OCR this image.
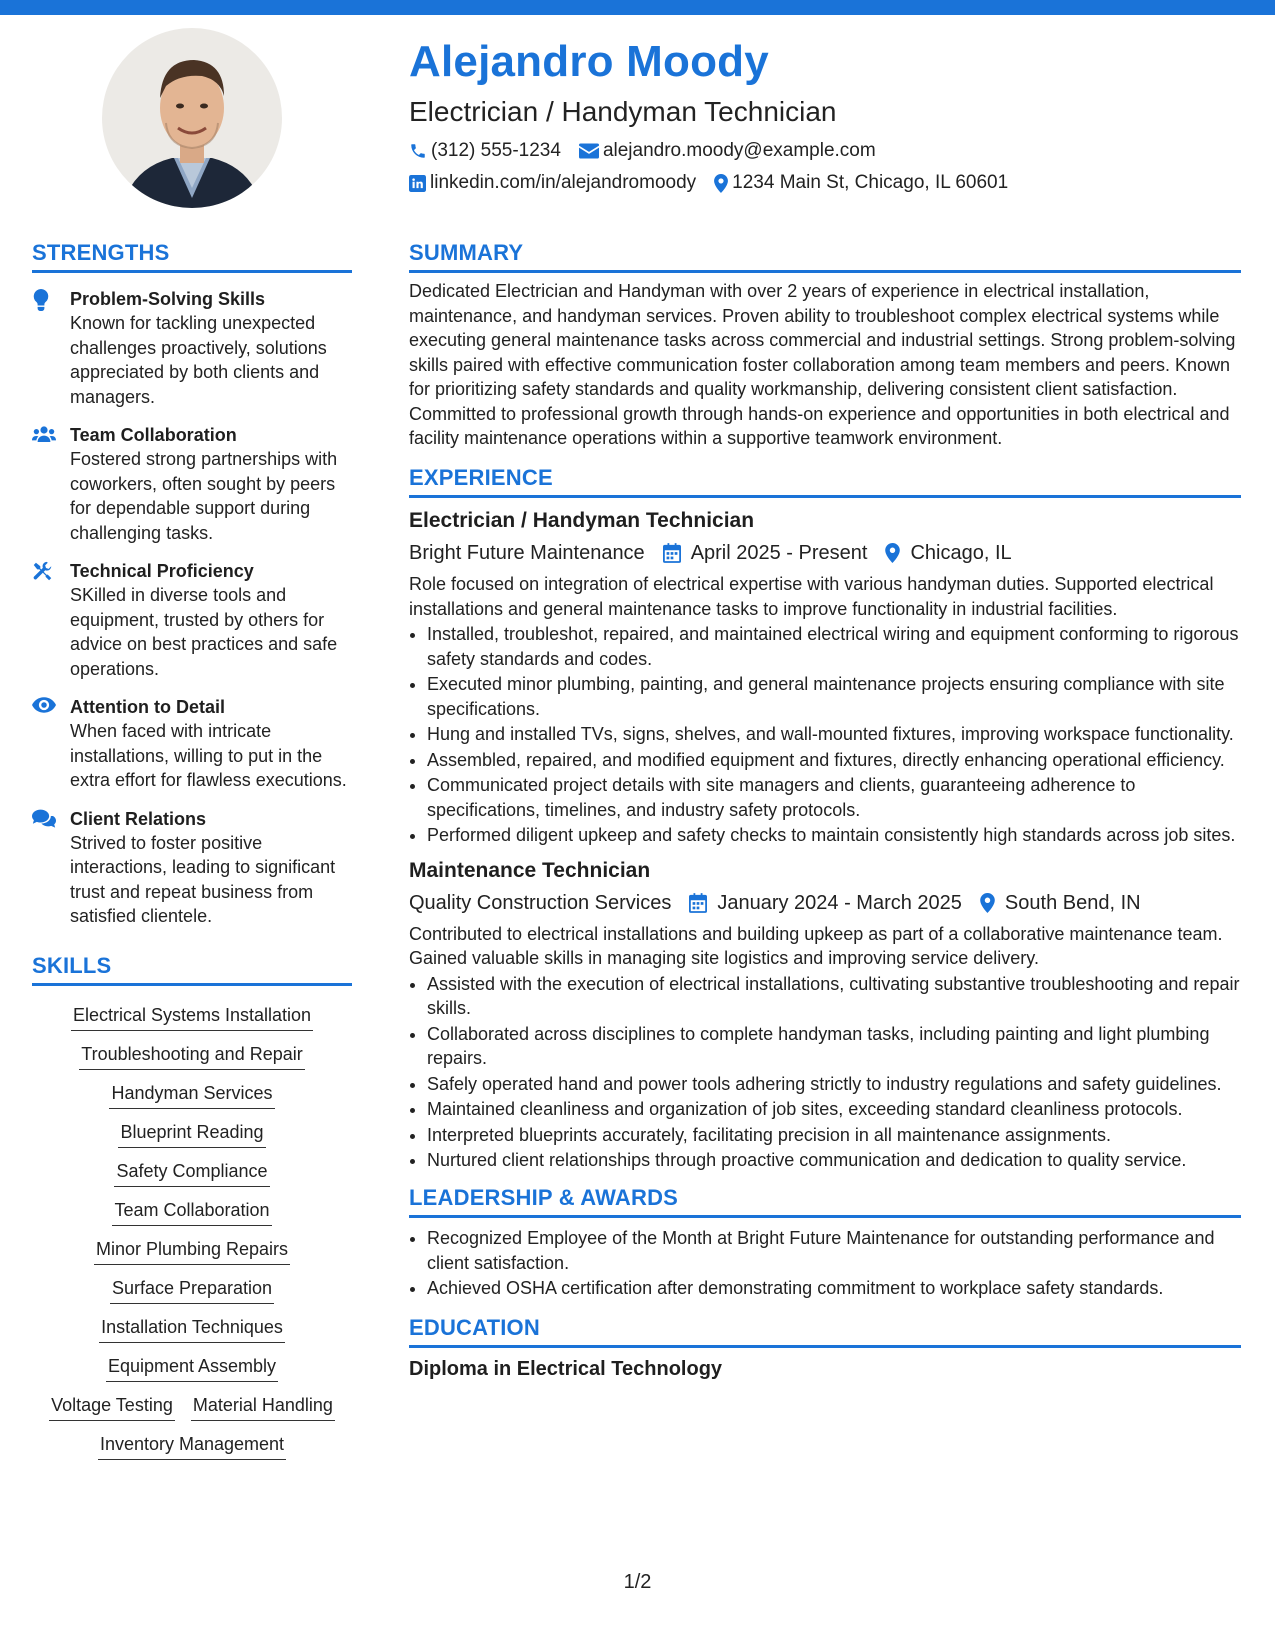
Alejandro Moody
Electrician / Handyman Technician
(312) 555-1234 alejandro.moody@example.com
linkedin.com/in/alejandromoody 1234 Main St, Chicago, IL 60601
STRENGTHS
Problem-Solving Skills
Known for tackling unexpected challenges proactively, solutions appreciated by both clients and managers.
Team Collaboration
Fostered strong partnerships with coworkers, often sought by peers for dependable support during challenging tasks.
Technical Proficiency
SKilled in diverse tools and equipment, trusted by others for advice on best practices and safe operations.
Attention to Detail
When faced with intricate installations, willing to put in the extra effort for flawless executions.
Client Relations
Strived to foster positive interactions, leading to significant trust and repeat business from satisfied clientele.
SKILLS
Electrical Systems Installation
Troubleshooting and Repair
Handyman Services
Blueprint Reading
Safety Compliance
Team Collaboration
Minor Plumbing Repairs
Surface Preparation
Installation Techniques
Equipment Assembly
Voltage Testing Material Handling
Inventory Management
SUMMARY
Dedicated Electrician and Handyman with over 2 years of experience in electrical installation, maintenance, and handyman services. Proven ability to troubleshoot complex electrical systems while executing general maintenance tasks across commercial and industrial settings. Strong problem-solving skills paired with effective communication foster collaboration among team members and peers. Known for prioritizing safety standards and quality workmanship, delivering consistent client satisfaction. Committed to professional growth through hands-on experience and opportunities in both electrical and facility maintenance operations within a supportive teamwork environment.
EXPERIENCE
Electrician / Handyman Technician
Bright Future Maintenance April 2025 - Present Chicago, IL
Role focused on integration of electrical expertise with various handyman duties. Supported electrical installations and general maintenance tasks to improve functionality in industrial facilities.
• Installed, troubleshot, repaired, and maintained electrical wiring and equipment conforming to rigorous safety standards and codes.
• Executed minor plumbing, painting, and general maintenance projects ensuring compliance with site specifications.
• Hung and installed TVs, signs, shelves, and wall-mounted fixtures, improving workspace functionality.
• Assembled, repaired, and modified equipment and fixtures, directly enhancing operational efficiency.
• Communicated project details with site managers and clients, guaranteeing adherence to specifications, timelines, and industry safety protocols.
• Performed diligent upkeep and safety checks to maintain consistently high standards across job sites.
Maintenance Technician
Quality Construction Services January 2024 - March 2025 South Bend, IN
Contributed to electrical installations and building upkeep as part of a collaborative maintenance team. Gained valuable skills in managing site logistics and improving service delivery.
• Assisted with the execution of electrical installations, cultivating substantive troubleshooting and repair skills.
• Collaborated across disciplines to complete handyman tasks, including painting and light plumbing repairs.
• Safely operated hand and power tools adhering strictly to industry regulations and safety guidelines.
• Maintained cleanliness and organization of job sites, exceeding standard cleanliness protocols.
• Interpreted blueprints accurately, facilitating precision in all maintenance assignments.
• Nurtured client relationships through proactive communication and dedication to quality service.
LEADERSHIP & AWARDS
• Recognized Employee of the Month at Bright Future Maintenance for outstanding performance and client satisfaction.
• Achieved OSHA certification after demonstrating commitment to workplace safety standards.
EDUCATION
Diploma in Electrical Technology
1/2
